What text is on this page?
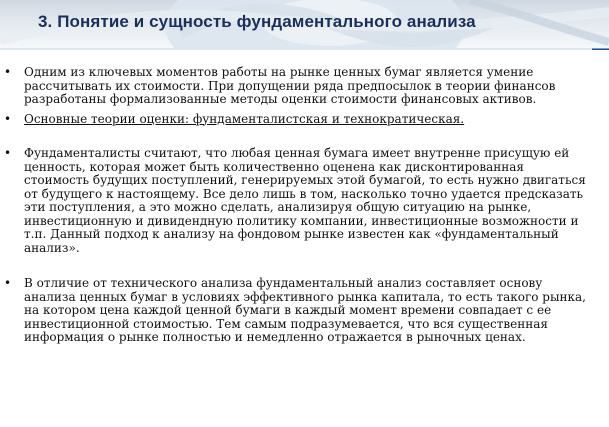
3. Понятие и сущность фундаментального анализа
• Одним из ключевых моментов работы на рынке ценных бумаг является умение рассчитывать их стоимости. При допущении ряда предпосылок в теории финансов разработаны формализованные методы оценки стоимости финансовых активов.
• Основные теории оценки: фундаменталистская и технократическая.
• Фундаменталисты считают, что любая ценная бумага имеет внутренне присущую ей ценность, которая может быть количественно оценена как дисконтированная стоимость будущих поступлений, генерируемых этой бумагой, то есть нужно двигаться от будущего к настоящему. Все дело лишь в том, насколько точно удается предсказать эти поступления, а это можно сделать, анализируя общую ситуацию на рынке, инвестиционную и дивидендную политику компании, инвестиционные возможности и т.п. Данный подход к анализу на фондовом рынке известен как «фундаментальный анализ».
• В отличие от технического анализа фундаментальный анализ составляет основу анализа ценных бумаг в условиях эффективного рынка капитала, то есть такого рынка, на котором цена каждой ценной бумаги в каждый момент времени совпадает с ее инвестиционной стоимостью. Тем самым подразумевается, что вся существенная информация о рынке полностью и немедленно отражается в рыночных ценах.
